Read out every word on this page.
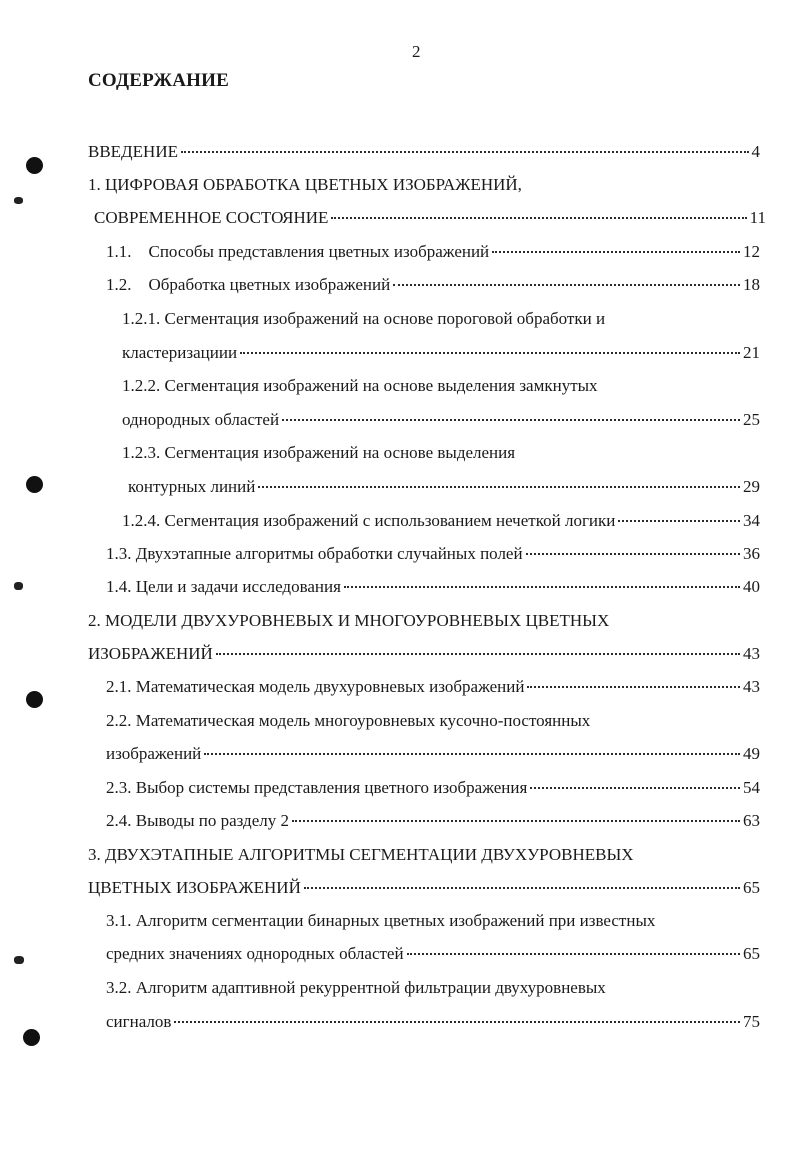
2
СОДЕРЖАНИЕ
ВВЕДЕНИЕ	4
1. ЦИФРОВАЯ ОБРАБОТКА ЦВЕТНЫХ ИЗОБРАЖЕНИЙ,
СОВРЕМЕННОЕ СОСТОЯНИЕ	11
1.1.    Способы представления цветных изображений	12
1.2.    Обработка цветных изображений	18
1.2.1. Сегментация изображений на основе пороговой обработки и
кластеризациии	21
1.2.2. Сегментация изображений на основе выделения замкнутых
однородных областей	25
1.2.3. Сегментация изображений на основе выделения
контурных линий	29
1.2.4. Сегментация изображений с использованием нечеткой логики	34
1.3. Двухэтапные алгоритмы обработки случайных полей	36
1.4. Цели и задачи исследования	40
2. МОДЕЛИ ДВУХУРОВНЕВЫХ И МНОГОУРОВНЕВЫХ ЦВЕТНЫХ
ИЗОБРАЖЕНИЙ	43
2.1. Математическая модель двухуровневых изображений	43
2.2. Математическая модель многоуровневых кусочно-постоянных
изображений	49
2.3. Выбор системы представления цветного изображения	54
2.4. Выводы по разделу 2	63
3. ДВУХЭТАПНЫЕ АЛГОРИТМЫ СЕГМЕНТАЦИИ ДВУХУРОВНЕВЫХ
ЦВЕТНЫХ ИЗОБРАЖЕНИЙ	65
3.1. Алгоритм сегментации бинарных цветных изображений при известных
средних значениях однородных областей	65
3.2. Алгоритм адаптивной рекуррентной фильтрации двухуровневых
сигналов	75
